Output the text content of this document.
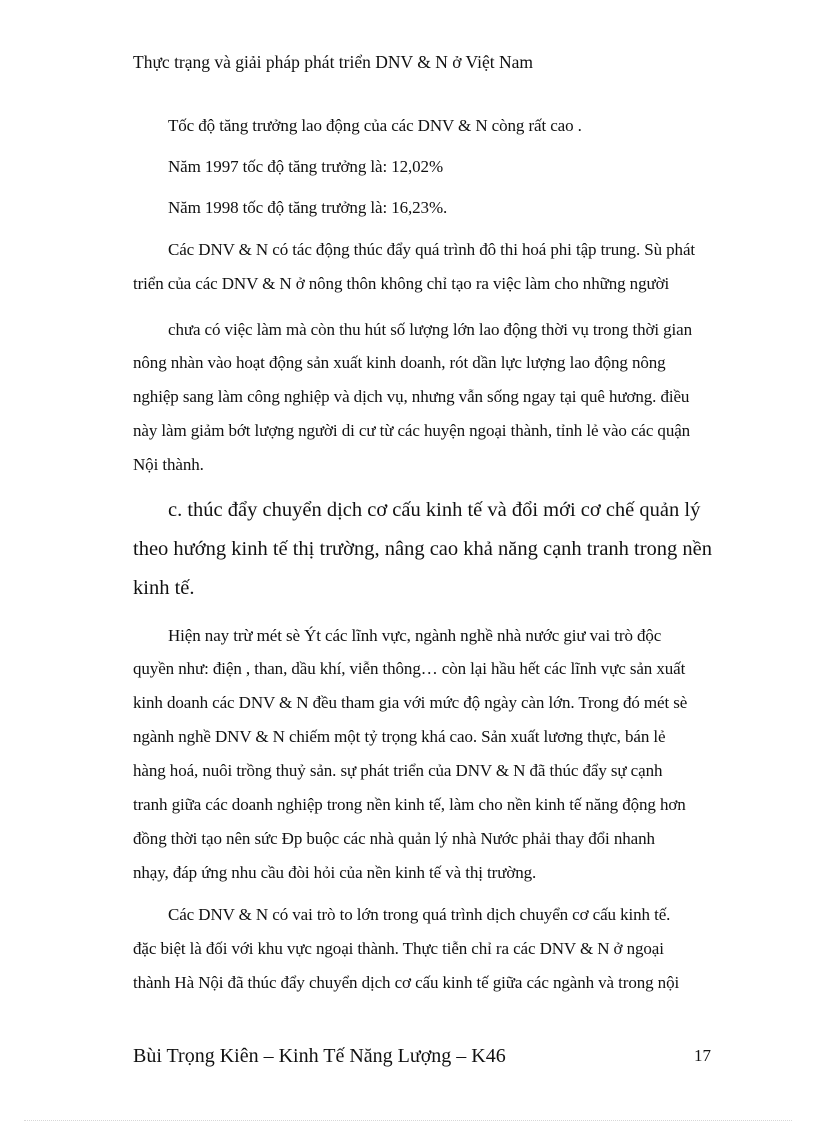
Thực trạng và giải pháp phát triển DNV & N ở Việt Nam
Tốc độ tăng trưởng lao động của các DNV & N còng rất cao .
Năm 1997 tốc độ tăng trưởng là: 12,02%
Năm 1998 tốc độ tăng trưởng là: 16,23%.
Các DNV & N có tác động thúc đẩy quá trình đô thi hoá phi tập trung. Sù phát
triển của các DNV & N ở nông thôn không chỉ tạo ra việc làm cho những người
chưa có việc làm mà còn thu hút số lượng lớn lao động thời vụ trong thời gian
nông nhàn vào hoạt động sản xuất kinh doanh, rót dần lực lượng lao động nông
nghiệp sang làm công nghiệp và dịch vụ, nhưng vẫn sống ngay tại quê hương. điều
này làm giảm bớt lượng người di cư từ các huyện ngoại thành, tỉnh lẻ vào các quận
Nội thành.
c. thúc đẩy chuyển dịch cơ cấu kinh tế và đổi mới cơ chế quản lý
theo hướng kinh tế thị trường, nâng cao khả năng cạnh tranh trong nền
kinh tế.
Hiện nay trừ mét sè Ýt các lĩnh vực, ngành nghề nhà nước giư vai trò độc
quyền như: điện , than, dầu khí, viễn thông… còn lại hầu hết các lĩnh vực sản xuất
kinh doanh các DNV & N đều tham gia với mức độ ngày càn lớn. Trong đó mét sè
ngành nghề DNV & N chiếm một tỷ trọng khá cao. Sản xuất lương thực, bán lẻ
hàng hoá, nuôi trồng thuỷ sản. sự phát triển của DNV & N đã thúc đẩy sự cạnh
tranh giữa các doanh nghiệp trong nền kinh tế, làm cho nền kinh tế năng động hơn
đồng thời tạo nên sức Ðp buộc các nhà quản lý nhà Nước phải thay đổi nhanh
nhạy, đáp ứng nhu cầu đòi hỏi của nền kinh tế và thị trường.
Các DNV & N có vai trò to lớn trong quá trình dịch chuyển cơ cấu kinh tế.
đặc biệt là đối với khu vực ngoại thành. Thực tiễn chỉ ra các DNV & N ở ngoại
thành Hà Nội đã thúc đẩy chuyển dịch cơ cấu kinh tế giữa các ngành và trong nội
Bùi Trọng Kiên – Kinh Tế Năng Lượng – K46	17
